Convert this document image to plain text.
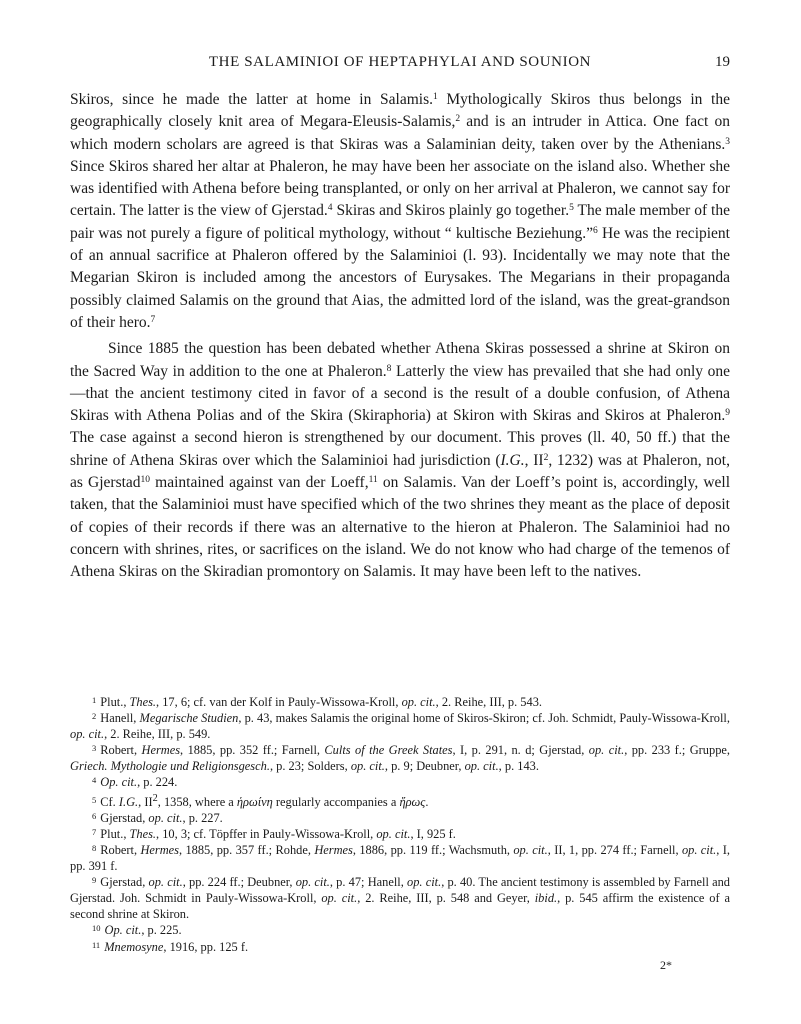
THE SALAMINIOI OF HEPTAPHYLAI AND SOUNION	19

Skiros, since he made the latter at home in Salamis.$^1$ Mythologically Skiros thus belongs in the geographically closely knit area of Megara-Eleusis-Salamis,$^2$ and is an intruder in Attica. One fact on which modern scholars are agreed is that Skiras was a Salaminian deity, taken over by the Athenians.$^3$ Since Skiros shared her altar at Phaleron, he may have been her associate on the island also. Whether she was identified with Athena before being transplanted, or only on her arrival at Phaleron, we cannot say for certain. The latter is the view of Gjerstad.$^4$ Skiras and Skiros plainly go together.$^5$ The male member of the pair was not purely a figure of political mythology, without “ kultische Beziehung.”$^6$ He was the recipient of an annual sacrifice at Phaleron offered by the Salaminioi (l. 93). Incidentally we may note that the Megarian Skiron is included among the ancestors of Eurysakes. The Megarians in their propaganda possibly claimed Salamis on the ground that Aias, the admitted lord of the island, was the great-grandson of their hero.$^7$

Since 1885 the question has been debated whether Athena Skiras possessed a shrine at Skiron on the Sacred Way in addition to the one at Phaleron.$^8$ Latterly the view has prevailed that she had only one—that the ancient testimony cited in favor of a second is the result of a double confusion, of Athena Skiras with Athena Polias and of the Skira (Skiraphoria) at Skiron with Skiras and Skiros at Phaleron.$^9$ The case against a second hieron is strengthened by our document. This proves (ll. 40, 50 ff.) that the shrine of Athena Skiras over which the Salaminioi had jurisdiction (I.G., $II^2$, 1232) was at Phaleron, not, as Gjerstad$^{10}$ maintained against van der Loeff,$^{11}$ on Salamis. Van der Loeff’s point is, accordingly, well taken, that the Salaminioi must have specified which of the two shrines they meant as the place of deposit of copies of their records if there was an alternative to the hieron at Phaleron. The Salaminioi had no concern with shrines, rites, or sacrifices on the island. We do not know who had charge of the temenos of Athena Skiras on the Skiradian promontory on Salamis. It may have been left to the natives.

$^1$ Plut., Thes., 17, 6; cf. van der Kolf in Pauly-Wissowa-Kroll, op. cit., 2. Reihe, III, p. 543.

$^2$ Hanell, Megarische Studien, p. 43, makes Salamis the original home of Skiros-Skiron; cf. Joh. Schmidt, Pauly-Wissowa-Kroll, op. cit., 2. Reihe, III, p. 549.

$^3$ Robert, Hermes, 1885, pp. 352 ff.; Farnell, Cults of the Greek States, I, p. 291, n. d; Gjerstad, op. cit., pp. 233 f.; Gruppe, Griech. Mythologie und Religionsgesch., p. 23; Solders, op. cit., p. 9; Deubner, op. cit., p. 143.

$^4$ Op. cit., p. 224.

$^5$ Cf. I.G., $II^2$, 1358, where a ἡρωίνη regularly accompanies a ἥρως.

$^6$ Gjerstad, op. cit., p. 227.

$^7$ Plut., Thes., 10, 3; cf. Töpffer in Pauly-Wissowa-Kroll, op. cit., I, 925 f.

$^8$ Robert, Hermes, 1885, pp. 357 ff.; Rohde, Hermes, 1886, pp. 119 ff.; Wachsmuth, op. cit., II, 1, pp. 274 ff.; Farnell, op. cit., I, pp. 391 f.

$^9$ Gjerstad, op. cit., pp. 224 ff.; Deubner, op. cit., p. 47; Hanell, op. cit., p. 40. The ancient testimony is assembled by Farnell and Gjerstad. Joh. Schmidt in Pauly-Wissowa-Kroll, op. cit., 2. Reihe, III, p. 548 and Geyer, ibid., p. 545 affirm the existence of a second shrine at Skiron.

$^{10}$ Op. cit., p. 225.

$^{11}$ Mnemosyne, 1916, pp. 125 f.

2*
